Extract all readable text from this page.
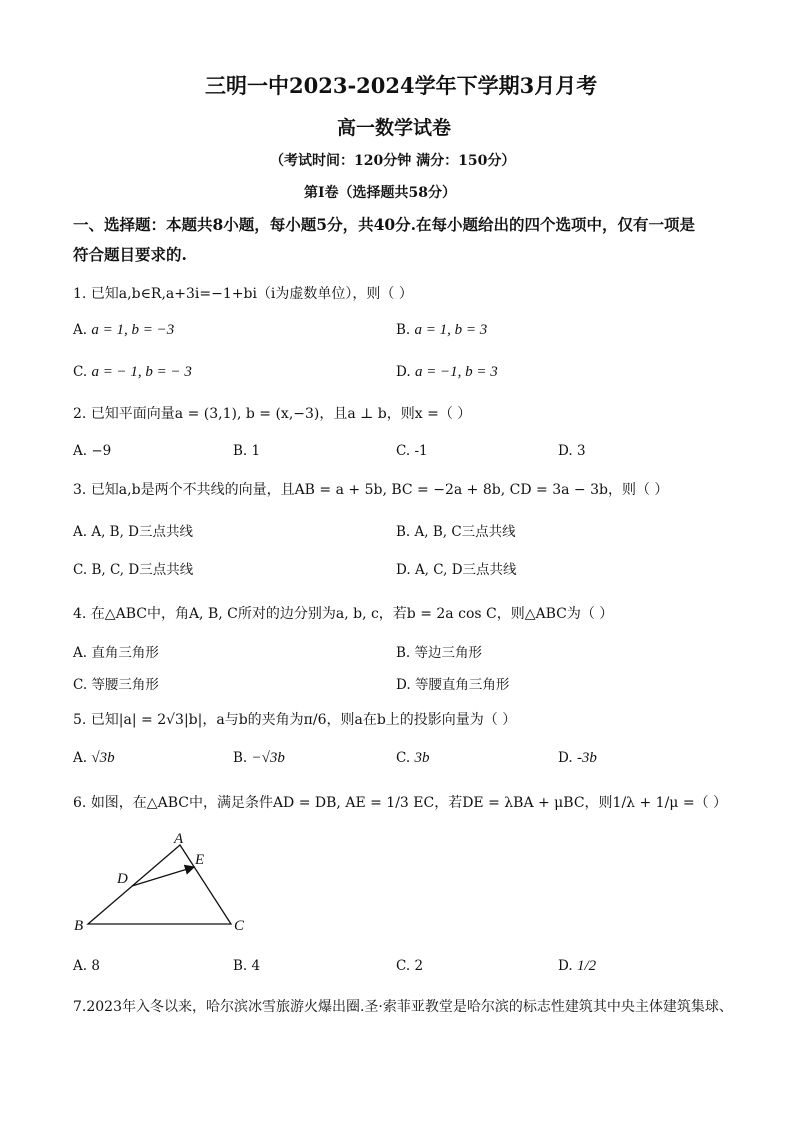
三明一中2023-2024学年下学期3月月考
高一数学试卷
（考试时间：120分钟 满分：150分）
第I卷（选择题共58分）
一、选择题：本题共8小题，每小题5分，共40分.在每小题给出的四个选项中，仅有一项是
符合题目要求的.
1. 已知a,b∈R,a+3i=−1+bi（i为虚数单位），则（ ）
A. a = 1, b = −3	B. a = 1, b = 3
C. a = − 1, b = − 3	D. a = −1, b = 3
2. 已知平面向量a = (3,1), b = (x,−3)，且a ⊥ b，则x =（ ）
A. −9	B. 1	C. -1	D. 3
3. 已知a,b是两个不共线的向量，且AB = a + 5b, BC = −2a + 8b, CD = 3a − 3b，则（ ）
A. A, B, D三点共线	B. A, B, C三点共线
C. B, C, D三点共线	D. A, C, D三点共线
4. 在△ABC中，角A, B, C所对的边分别为a, b, c，若b = 2a cos C，则△ABC为（ ）
A. 直角三角形	B. 等边三角形
C. 等腰三角形	D. 等腰直角三角形
5. 已知|a| = 2√3|b|，a与b的夹角为π/6，则a在b上的投影向量为（ ）
A. √3b	B. −√3b	C. 3b	D. -3b
6. 如图，在△ABC中，满足条件AD = DB, AE = 1/3 EC，若DE = λBA + μBC，则1/λ + 1/μ =（ ）
A
B	C
D
E
A. 8	B. 4	C. 2	D. 1/2
7.2023年入冬以来，哈尔滨冰雪旅游火爆出圈.圣·索菲亚教堂是哈尔滨的标志性建筑其中央主体建筑集球、
